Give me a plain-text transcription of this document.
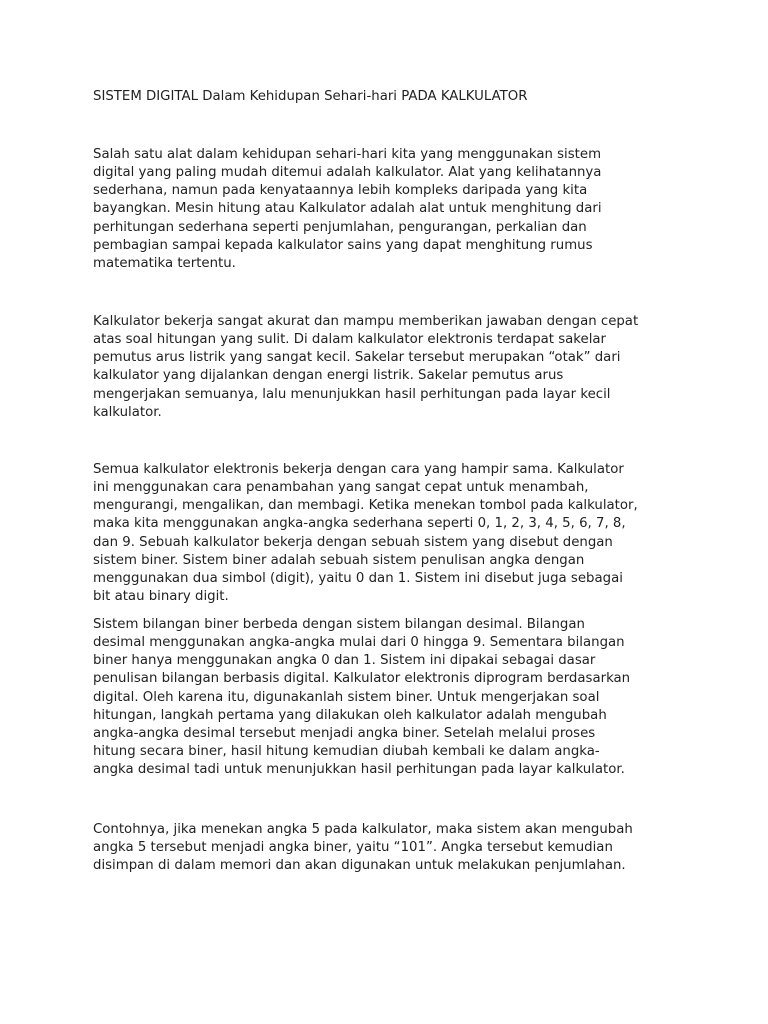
SISTEM DIGITAL Dalam Kehidupan Sehari-hari PADA KALKULATOR

Salah satu alat dalam kehidupan sehari-hari kita yang menggunakan sistem
digital yang paling mudah ditemui adalah kalkulator. Alat yang kelihatannya
sederhana, namun pada kenyataannya lebih kompleks daripada yang kita
bayangkan. Mesin hitung atau Kalkulator adalah alat untuk menghitung dari
perhitungan sederhana seperti penjumlahan, pengurangan, perkalian dan
pembagian sampai kepada kalkulator sains yang dapat menghitung rumus
matematika tertentu.

Kalkulator bekerja sangat akurat dan mampu memberikan jawaban dengan cepat
atas soal hitungan yang sulit. Di dalam kalkulator elektronis terdapat sakelar
pemutus arus listrik yang sangat kecil. Sakelar tersebut merupakan “otak” dari
kalkulator yang dijalankan dengan energi listrik. Sakelar pemutus arus
mengerjakan semuanya, lalu menunjukkan hasil perhitungan pada layar kecil
kalkulator.

Semua kalkulator elektronis bekerja dengan cara yang hampir sama. Kalkulator
ini menggunakan cara penambahan yang sangat cepat untuk menambah,
mengurangi, mengalikan, dan membagi. Ketika menekan tombol pada kalkulator,
maka kita menggunakan angka-angka sederhana seperti 0, 1, 2, 3, 4, 5, 6, 7, 8,
dan 9. Sebuah kalkulator bekerja dengan sebuah sistem yang disebut dengan
sistem biner. Sistem biner adalah sebuah sistem penulisan angka dengan
menggunakan dua simbol (digit), yaitu 0 dan 1. Sistem ini disebut juga sebagai
bit atau binary digit.

Sistem bilangan biner berbeda dengan sistem bilangan desimal. Bilangan
desimal menggunakan angka-angka mulai dari 0 hingga 9. Sementara bilangan
biner hanya menggunakan angka 0 dan 1. Sistem ini dipakai sebagai dasar
penulisan bilangan berbasis digital. Kalkulator elektronis diprogram berdasarkan
digital. Oleh karena itu, digunakanlah sistem biner. Untuk mengerjakan soal
hitungan, langkah pertama yang dilakukan oleh kalkulator adalah mengubah
angka-angka desimal tersebut menjadi angka biner. Setelah melalui proses
hitung secara biner, hasil hitung kemudian diubah kembali ke dalam angka-
angka desimal tadi untuk menunjukkan hasil perhitungan pada layar kalkulator.

Contohnya, jika menekan angka 5 pada kalkulator, maka sistem akan mengubah
angka 5 tersebut menjadi angka biner, yaitu “101”. Angka tersebut kemudian
disimpan di dalam memori dan akan digunakan untuk melakukan penjumlahan.
